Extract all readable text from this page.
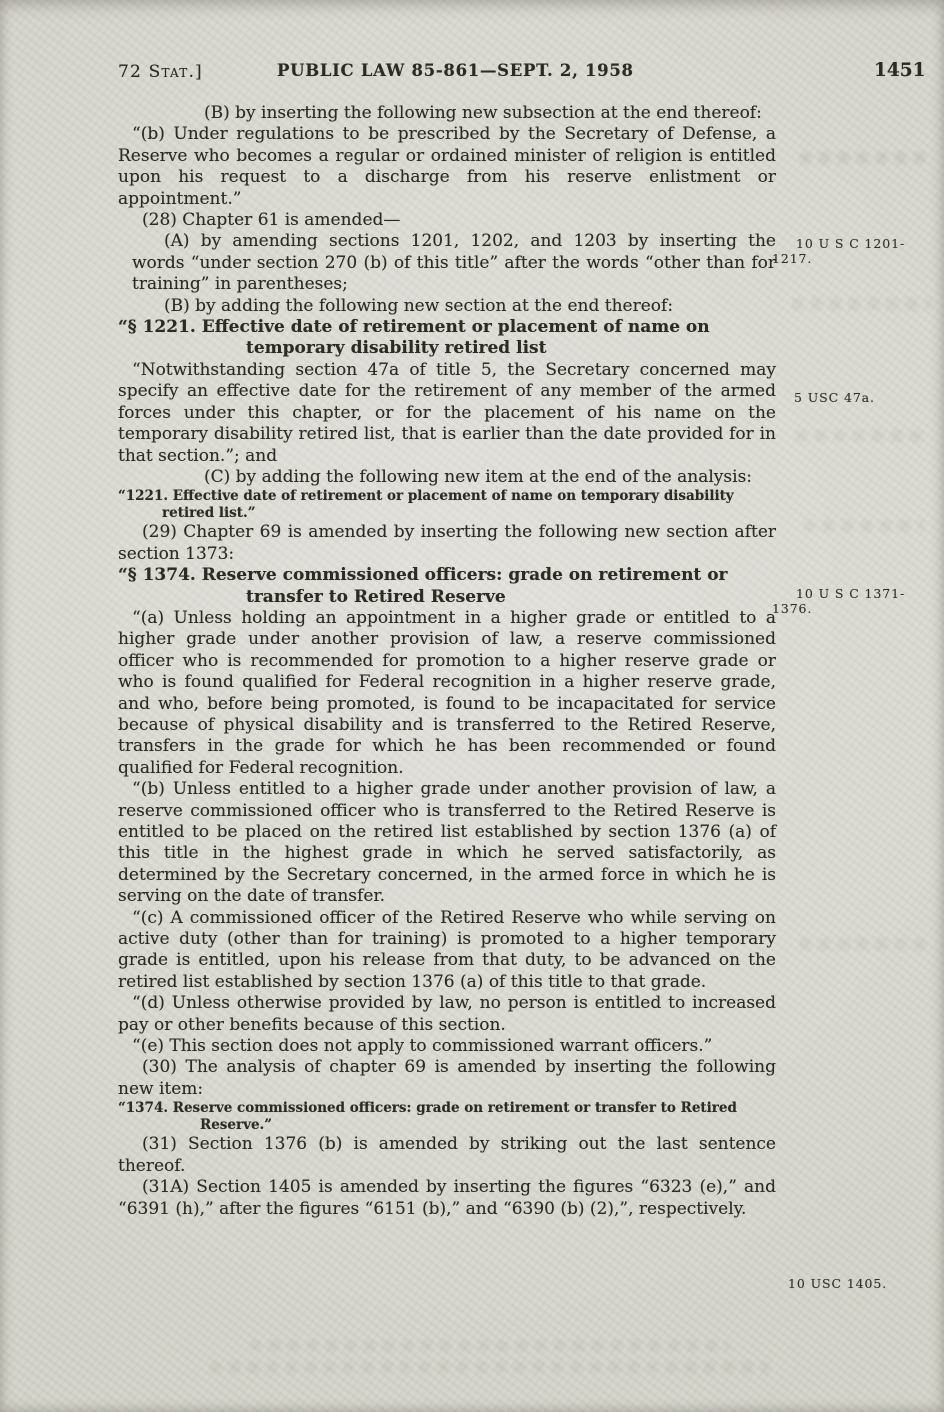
72 Stat.]	PUBLIC LAW 85-861—SEPT. 2, 1958	1451

(B) by inserting the following new subsection at the end thereof:

“(b) Under regulations to be prescribed by the Secretary of Defense, a Reserve who becomes a regular or ordained minister of religion is entitled upon his request to a discharge from his reserve enlistment or appointment.”

(28) Chapter 61 is amended—

(A) by amending sections 1201, 1202, and 1203 by inserting the words “under section 270 (b) of this title” after the words “other than for training” in parentheses;

(B) by adding the following new section at the end thereof:

“§ 1221. Effective date of retirement or placement of name on
temporary disability retired list

“Notwithstanding section 47a of title 5, the Secretary concerned may specify an effective date for the retirement of any member of the armed forces under this chapter, or for the placement of his name on the temporary disability retired list, that is earlier than the date provided for in that section.”; and

(C) by adding the following new item at the end of the analysis:

“1221. Effective date of retirement or placement of name on temporary disability retired list.”

(29) Chapter 69 is amended by inserting the following new section after section 1373:

“§ 1374. Reserve commissioned officers: grade on retirement or
transfer to Retired Reserve

“(a) Unless holding an appointment in a higher grade or entitled to a higher grade under another provision of law, a reserve commissioned officer who is recommended for promotion to a higher reserve grade or who is found qualified for Federal recognition in a higher reserve grade, and who, before being promoted, is found to be incapacitated for service because of physical disability and is transferred to the Retired Reserve, transfers in the grade for which he has been recommended or found qualified for Federal recognition.

“(b) Unless entitled to a higher grade under another provision of law, a reserve commissioned officer who is transferred to the Retired Reserve is entitled to be placed on the retired list established by section 1376 (a) of this title in the highest grade in which he served satisfactorily, as determined by the Secretary concerned, in the armed force in which he is serving on the date of transfer.

“(c) A commissioned officer of the Retired Reserve who while serving on active duty (other than for training) is promoted to a higher temporary grade is entitled, upon his release from that duty, to be advanced on the retired list established by section 1376 (a) of this title to that grade.

“(d) Unless otherwise provided by law, no person is entitled to increased pay or other benefits because of this section.

“(e) This section does not apply to commissioned warrant officers.”

(30) The analysis of chapter 69 is amended by inserting the following new item:

“1374. Reserve commissioned officers: grade on retirement or transfer to Retired Reserve.”

(31) Section 1376 (b) is amended by striking out the last sentence thereof.

(31A) Section 1405 is amended by inserting the figures “6323 (e),” and “6391 (h),” after the figures “6151 (b),” and “6390 (b) (2),”, respectively.

10 U S C 1201-
1217.
5 USC 47a.
10 U S C 1371-
1376.
10 USC 1405.
